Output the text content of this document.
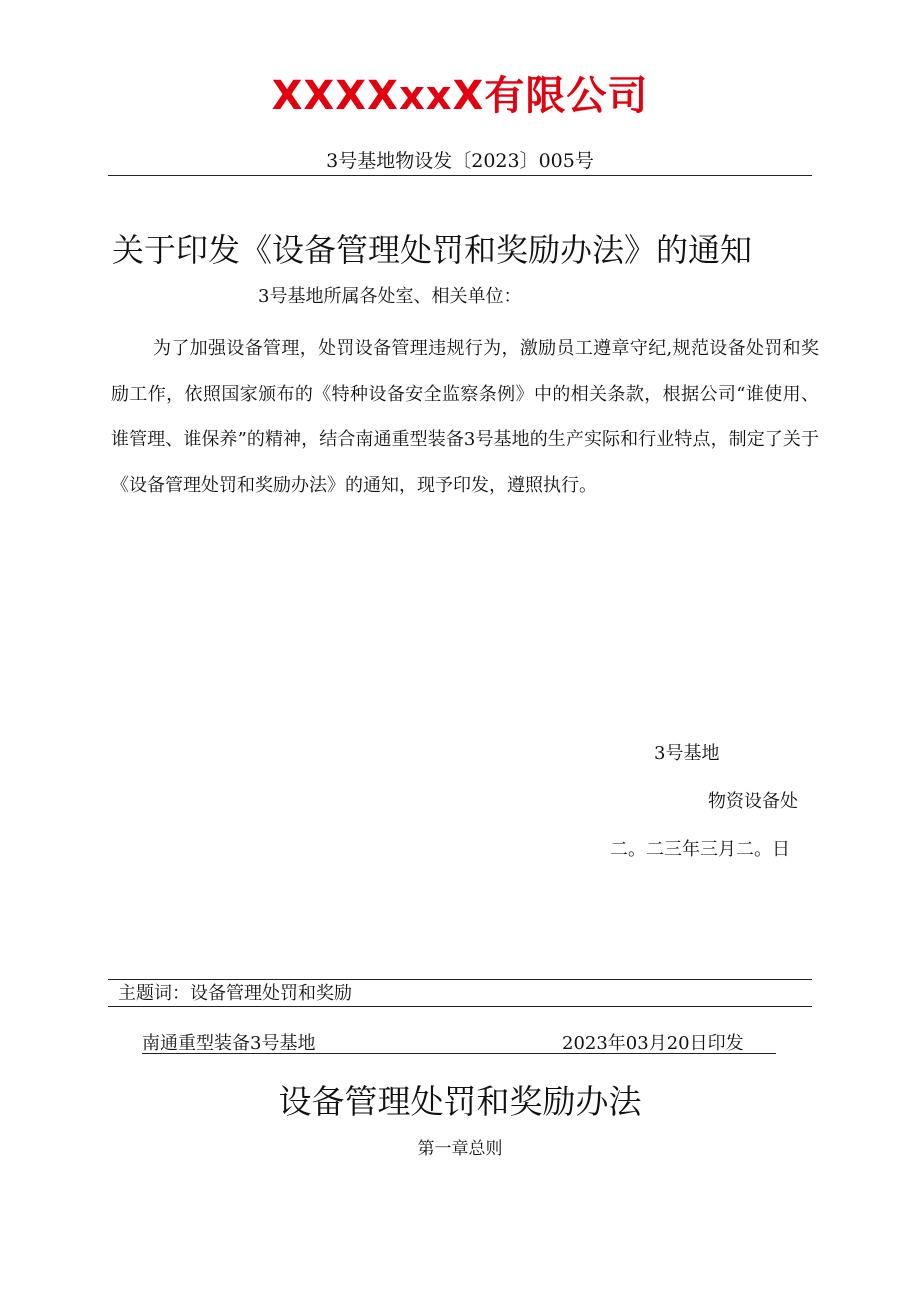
XXXXxxX有限公司
3号基地物设发〔2023〕005号
关于印发《设备管理处罚和奖励办法》的通知
3号基地所属各处室、相关单位：

为了加强设备管理，处罚设备管理违规行为，激励员工遵章守纪,规范设备处罚和奖励工作，依照国家颁布的《特种设备安全监察条例》中的相关条款，根据公司“谁使用、谁管理、谁保养”的精神，结合南通重型装备3号基地的生产实际和行业特点，制定了关于《设备管理处罚和奖励办法》的通知，现予印发，遵照执行。

3号基地
物资设备处
二。二三年三月二。日
主题词：设备管理处罚和奖励
南通重型装备3号基地	2023年03月20日印发
设备管理处罚和奖励办法
第一章总则
